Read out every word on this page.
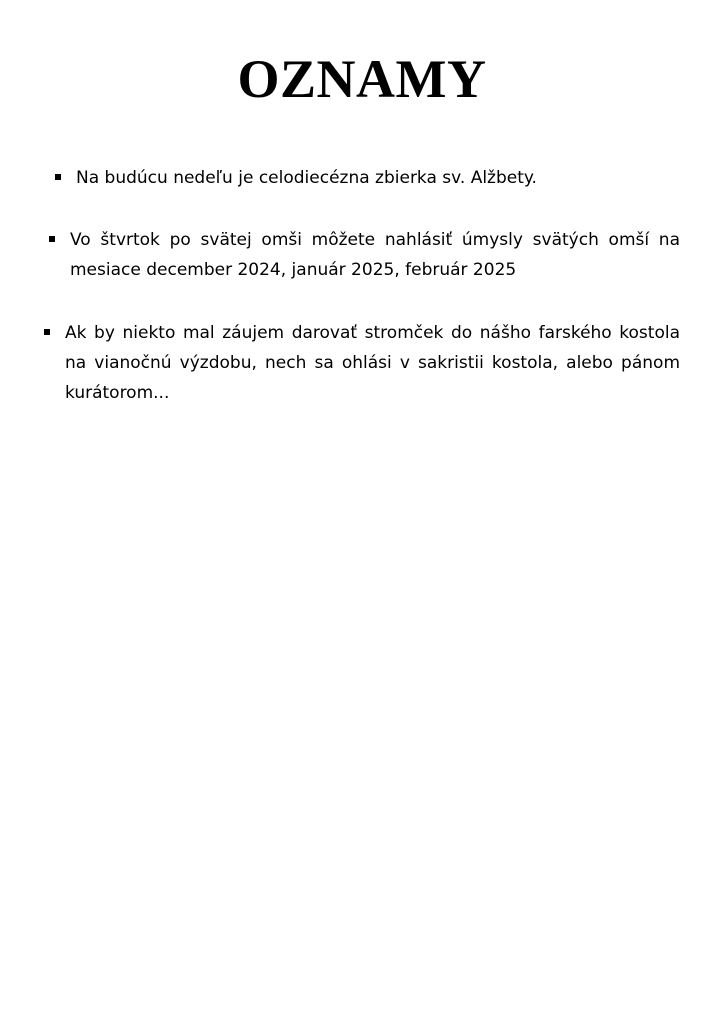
OZNAMY

Na budúcu nedeľu je celodiecézna zbierka sv. Alžbety.

Vo štvrtok po svätej omši môžete nahlásiť úmysly svätých omší na mesiace december 2024, január 2025, február 2025

Ak by niekto mal záujem darovať stromček do nášho farského kostola na vianočnú výzdobu, nech sa ohlási v sakristii kostola, alebo pánom kurátorom...
